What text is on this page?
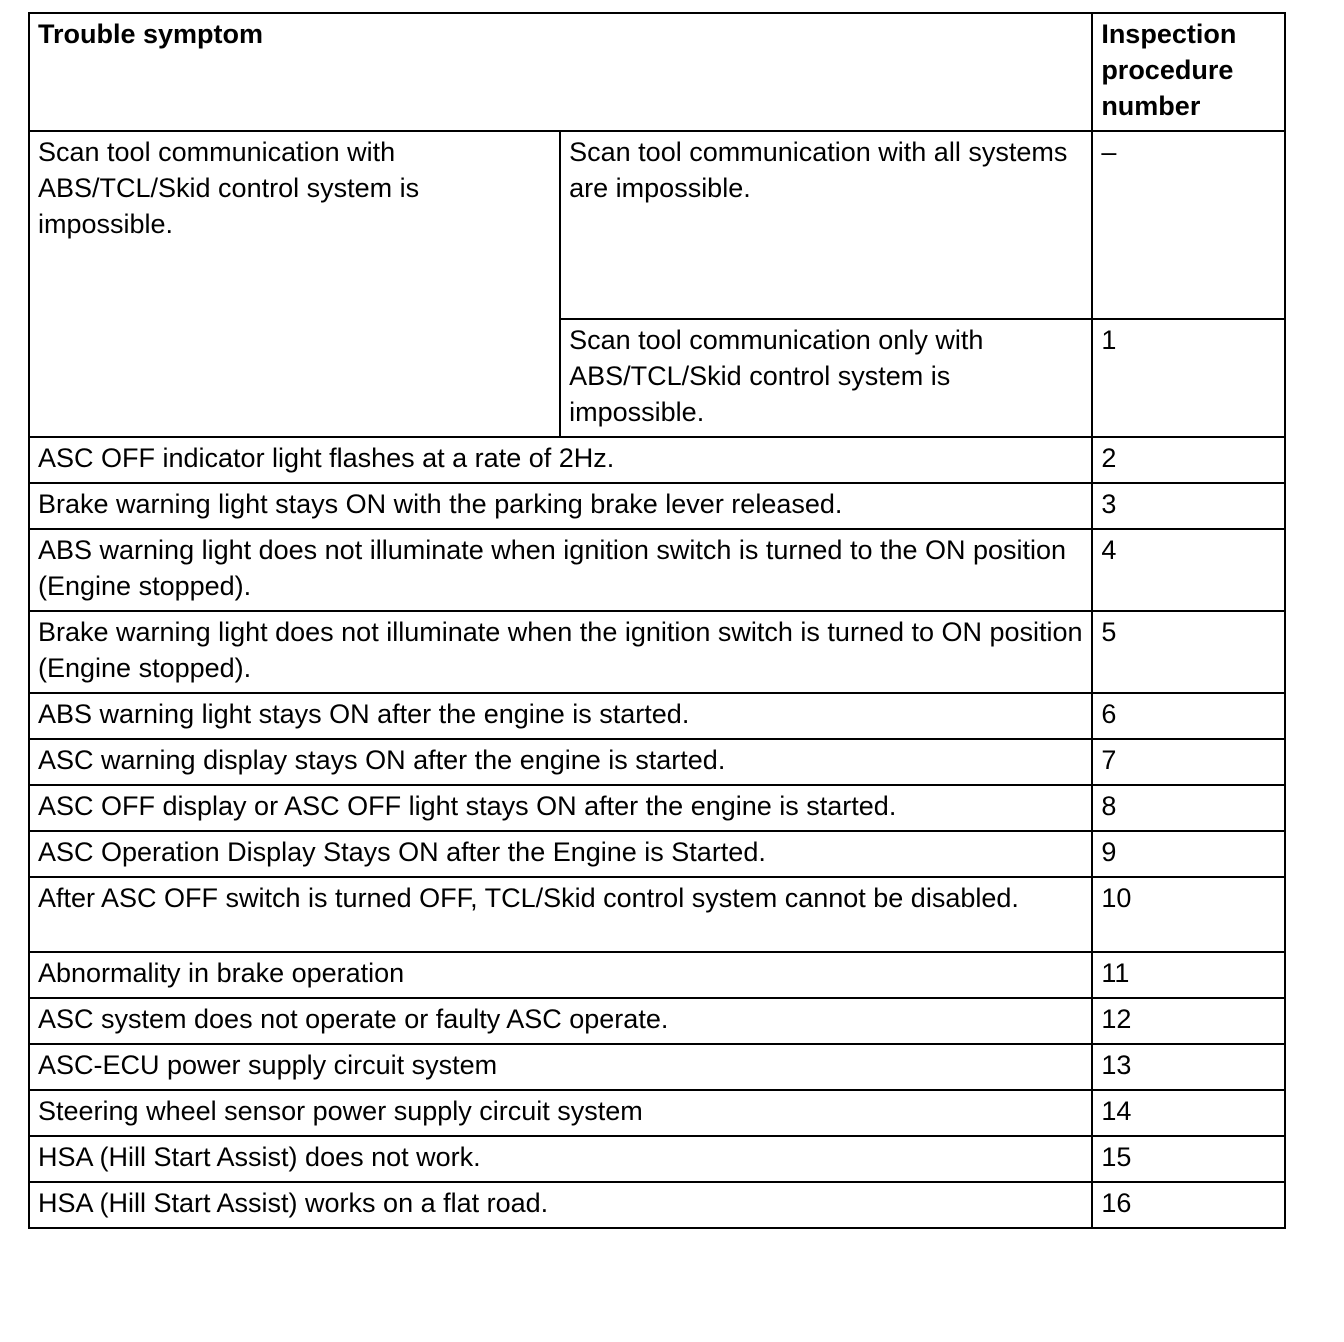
Trouble symptom		Inspection procedure number
Scan tool communication with ABS/TCL/Skid control system is impossible.	Scan tool communication with all systems are impossible.	–
	Scan tool communication only with ABS/TCL/Skid control system is impossible.	1
ASC OFF indicator light flashes at a rate of 2Hz.		2
Brake warning light stays ON with the parking brake lever released.		3
ABS warning light does not illuminate when ignition switch is turned to the ON position (Engine stopped).		4
Brake warning light does not illuminate when the ignition switch is turned to ON position (Engine stopped).		5
ABS warning light stays ON after the engine is started.		6
ASC warning display stays ON after the engine is started.		7
ASC OFF display or ASC OFF light stays ON after the engine is started.		8
ASC Operation Display Stays ON after the Engine is Started.		9
After ASC OFF switch is turned OFF, TCL/Skid control system cannot be disabled.		10
Abnormality in brake operation		11
ASC system does not operate or faulty ASC operate.		12
ASC-ECU power supply circuit system		13
Steering wheel sensor power supply circuit system		14
HSA (Hill Start Assist) does not work.		15
HSA (Hill Start Assist) works on a flat road.		16
